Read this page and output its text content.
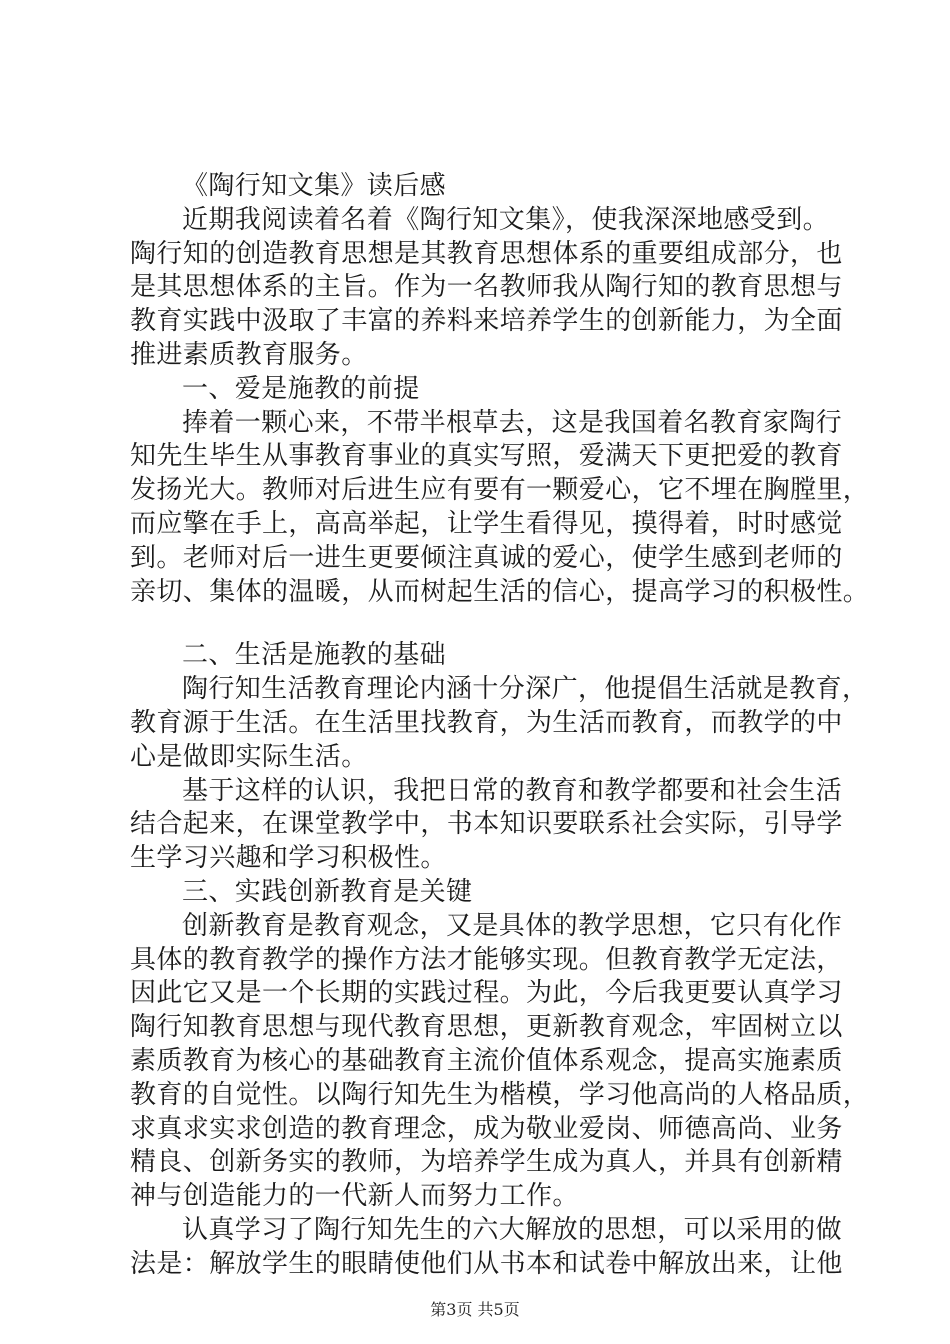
《陶行知文集》读后感
近期我阅读着名着《陶行知文集》，使我深深地感受到。
陶行知的创造教育思想是其教育思想体系的重要组成部分，也
是其思想体系的主旨。作为一名教师我从陶行知的教育思想与
教育实践中汲取了丰富的养料来培养学生的创新能力，为全面
推进素质教育服务。
一、爱是施教的前提
捧着一颗心来，不带半根草去，这是我国着名教育家陶行
知先生毕生从事教育事业的真实写照，爱满天下更把爱的教育
发扬光大。教师对后进生应有要有一颗爱心，它不埋在胸膛里，
而应擎在手上，高高举起，让学生看得见，摸得着，时时感觉
到。老师对后一进生更要倾注真诚的爱心，使学生感到老师的
亲切、集体的温暖，从而树起生活的信心，提高学习的积极性。
二、生活是施教的基础
陶行知生活教育理论内涵十分深广，他提倡生活就是教育，
教育源于生活。在生活里找教育，为生活而教育，而教学的中
心是做即实际生活。
基于这样的认识，我把日常的教育和教学都要和社会生活
结合起来，在课堂教学中，书本知识要联系社会实际，引导学
生学习兴趣和学习积极性。
三、实践创新教育是关键
创新教育是教育观念，又是具体的教学思想，它只有化作
具体的教育教学的操作方法才能够实现。但教育教学无定法，
因此它又是一个长期的实践过程。为此，今后我更要认真学习
陶行知教育思想与现代教育思想，更新教育观念，牢固树立以
素质教育为核心的基础教育主流价值体系观念，提高实施素质
教育的自觉性。以陶行知先生为楷模，学习他高尚的人格品质，
求真求实求创造的教育理念，成为敬业爱岗、师德高尚、业务
精良、创新务实的教师，为培养学生成为真人，并具有创新精
神与创造能力的一代新人而努力工作。
认真学习了陶行知先生的六大解放的思想，可以采用的做
法是：解放学生的眼睛使他们从书本和试卷中解放出来，让他
第3页 共5页
